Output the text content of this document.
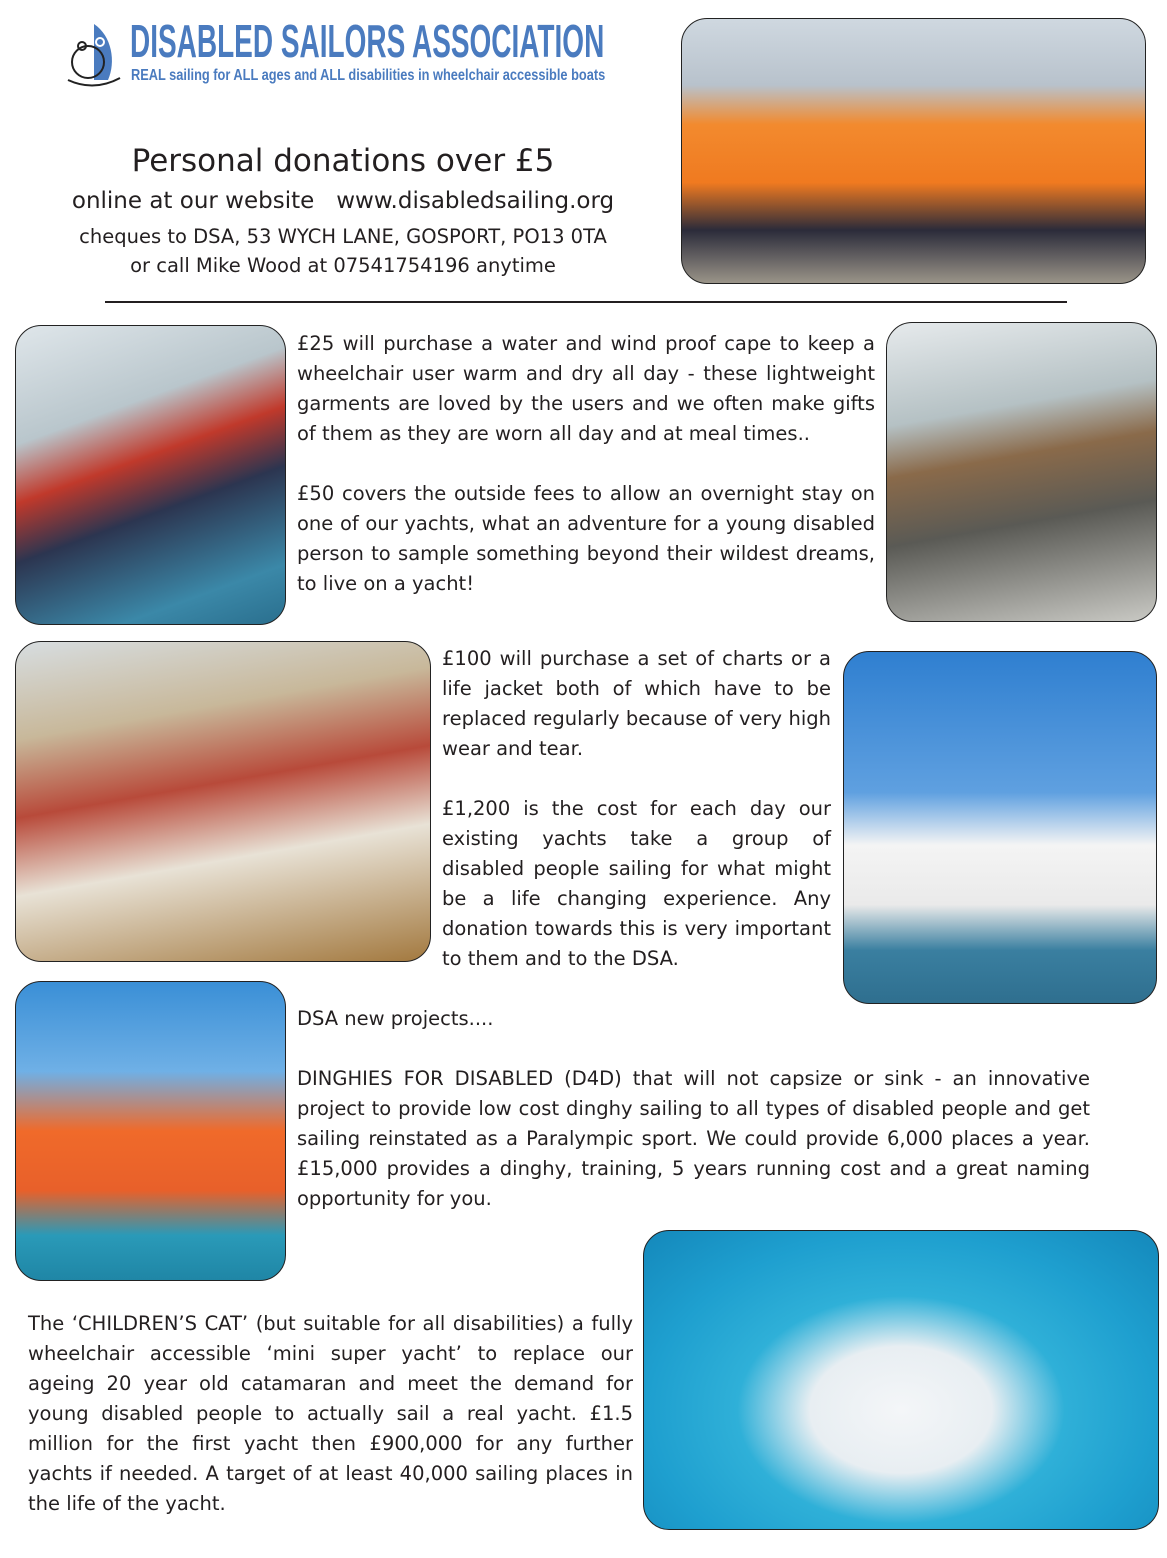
DISABLED SAILORS ASSOCIATION
REAL sailing for ALL ages and ALL disabilities in wheelchair accessible boats
Personal donations over £5
online at our website   www.disabledsailing.org
cheques to DSA, 53 WYCH LANE, GOSPORT, PO13 0TA
or call Mike Wood at 07541754196 anytime

£25 will purchase a water and wind proof cape to keep a wheelchair user warm and dry all day - these lightweight garments are loved by the users and we often make gifts of them as they are worn all day and at meal times..

£50 covers the outside fees to allow an overnight stay on one of our yachts, what an adventure for a young disabled person to sample something beyond their wildest dreams, to live on a yacht!

£100 will purchase a set of charts or a life jacket both of which have to be replaced regularly because of very high wear and tear.

£1,200 is the cost for each day our existing yachts take a group of disabled people sailing for what might be a life changing experience. Any donation towards this is very important to them and to the DSA.

DSA new projects....

DINGHIES FOR DISABLED (D4D) that will not capsize or sink - an innovative project to provide low cost dinghy sailing to all types of disabled people and get sailing reinstated as a Paralympic sport. We could provide 6,000 places a year. £15,000 provides a dinghy, training, 5 years running cost and a great naming opportunity for you.

The ‘CHILDREN’S CAT’ (but suitable for all disabilities) a fully wheelchair accessible ‘mini super yacht’ to replace our ageing 20 year old catamaran and meet the demand for young disabled people to actually sail a real yacht. £1.5 million for the first yacht then £900,000 for any further yachts if needed. A target of at least 40,000 sailing places in the life of the yacht.
